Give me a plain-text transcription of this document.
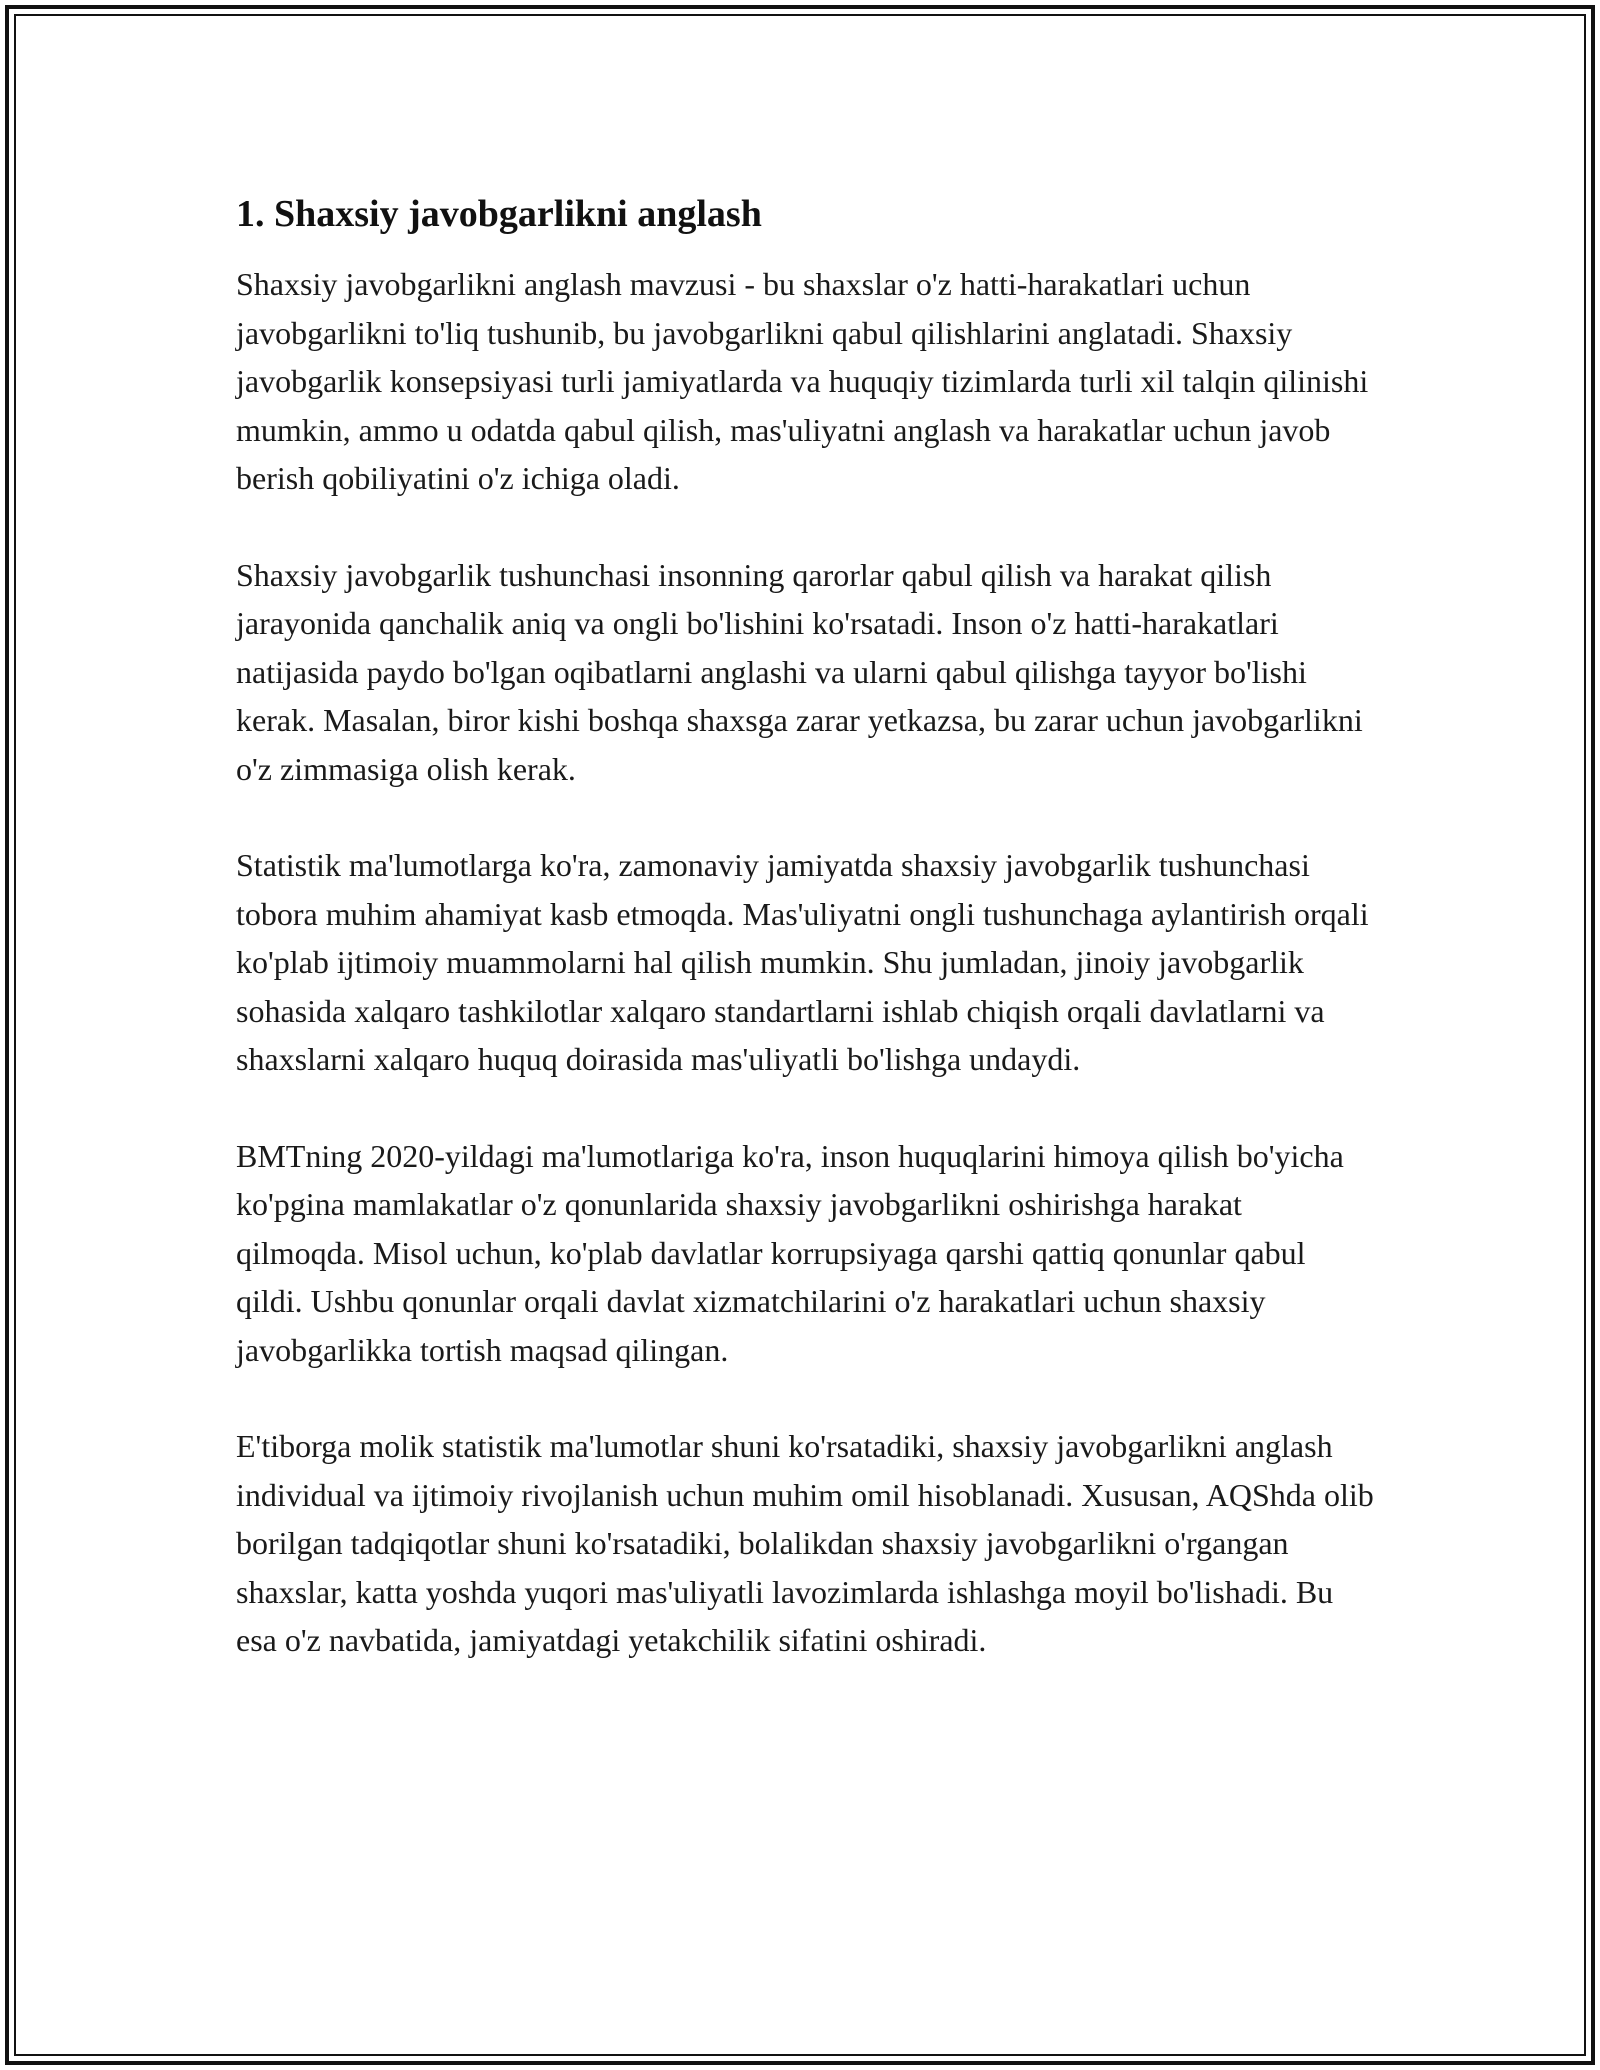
1. Shaxsiy javobgarlikni anglash

Shaxsiy javobgarlikni anglash mavzusi - bu shaxslar o'z hatti-harakatlari uchun javobgarlikni to'liq tushunib, bu javobgarlikni qabul qilishlarini anglatadi. Shaxsiy javobgarlik konsepsiyasi turli jamiyatlarda va huquqiy tizimlarda turli xil talqin qilinishi mumkin, ammo u odatda qabul qilish, mas'uliyatni anglash va harakatlar uchun javob berish qobiliyatini o'z ichiga oladi.

Shaxsiy javobgarlik tushunchasi insonning qarorlar qabul qilish va harakat qilish jarayonida qanchalik aniq va ongli bo'lishini ko'rsatadi. Inson o'z hatti-harakatlari natijasida paydo bo'lgan oqibatlarni anglashi va ularni qabul qilishga tayyor bo'lishi kerak. Masalan, biror kishi boshqa shaxsga zarar yetkazsa, bu zarar uchun javobgarlikni o'z zimmasiga olish kerak.

Statistik ma'lumotlarga ko'ra, zamonaviy jamiyatda shaxsiy javobgarlik tushunchasi tobora muhim ahamiyat kasb etmoqda. Mas'uliyatni ongli tushunchaga aylantirish orqali ko'plab ijtimoiy muammolarni hal qilish mumkin. Shu jumladan, jinoiy javobgarlik sohasida xalqaro tashkilotlar xalqaro standartlarni ishlab chiqish orqali davlatlarni va shaxslarni xalqaro huquq doirasida mas'uliyatli bo'lishga undaydi.

BMTning 2020-yildagi ma'lumotlariga ko'ra, inson huquqlarini himoya qilish bo'yicha ko'pgina mamlakatlar o'z qonunlarida shaxsiy javobgarlikni oshirishga harakat qilmoqda. Misol uchun, ko'plab davlatlar korrupsiyaga qarshi qattiq qonunlar qabul qildi. Ushbu qonunlar orqali davlat xizmatchilarini o'z harakatlari uchun shaxsiy javobgarlikka tortish maqsad qilingan.

E'tiborga molik statistik ma'lumotlar shuni ko'rsatadiki, shaxsiy javobgarlikni anglash individual va ijtimoiy rivojlanish uchun muhim omil hisoblanadi. Xususan, AQShda olib borilgan tadqiqotlar shuni ko'rsatadiki, bolalikdan shaxsiy javobgarlikni o'rgangan shaxslar, katta yoshda yuqori mas'uliyatli lavozimlarda ishlashga moyil bo'lishadi. Bu esa o'z navbatida, jamiyatdagi yetakchilik sifatini oshiradi.
